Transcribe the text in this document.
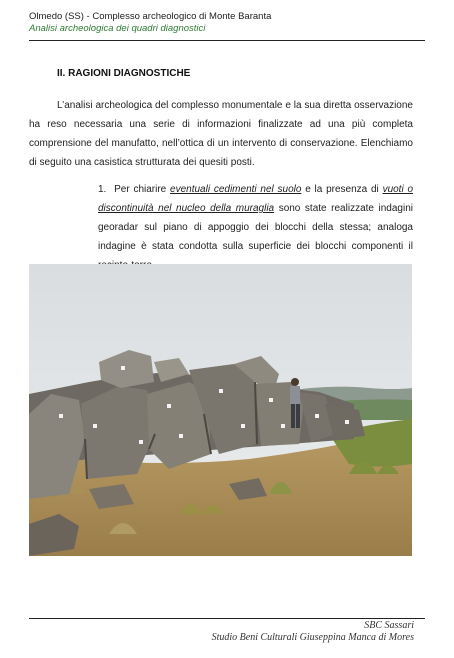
Olmedo (SS) - Complesso archeologico di Monte Baranta
Analisi archeologica dei quadri diagnostici
II. RAGIONI DIAGNOSTICHE

L’analisi archeologica del complesso monumentale e la sua diretta osservazione ha reso necessaria una serie di informazioni finalizzate ad una più completa comprensione del manufatto, nell’ottica di un intervento di conservazione. Elenchiamo di seguito una casistica strutturata dei quesiti posti.

1. Per chiarire eventuali cedimenti nel suolo e la presenza di vuoti o discontinuità nel nucleo della muraglia sono state realizzate indagini georadar sul piano di appoggio dei blocchi della stessa; analoga indagine è stata condotta sulla superficie dei blocchi componenti il

SBC Sassari
Studio Beni Culturali Giuseppina Manca di Mores
